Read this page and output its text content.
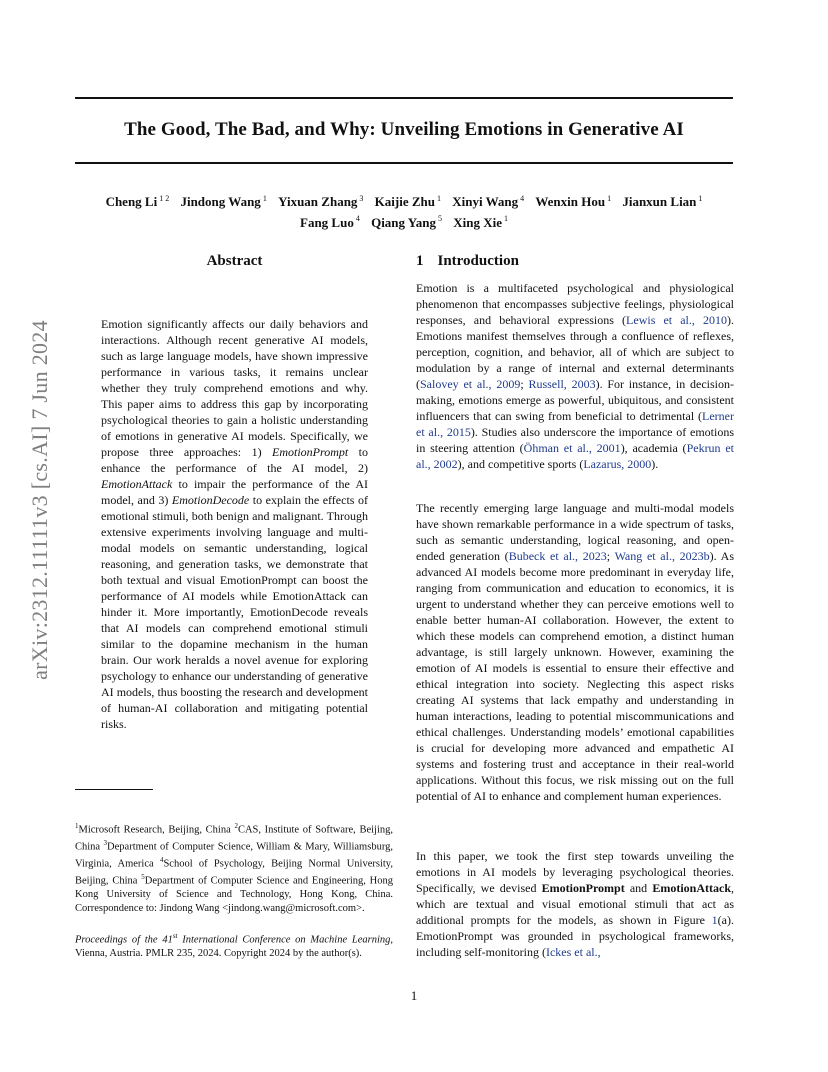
arXiv:2312.11111v3 [cs.AI] 7 Jun 2024
The Good, The Bad, and Why: Unveiling Emotions in Generative AI
Cheng Li $^{1 2}$ Jindong Wang $^1$ Yixuan Zhang $^3$ Kaijie Zhu $^1$ Xinyi Wang $^4$ Wenxin Hou $^1$ Jianxun Lian $^1$
Fang Luo $^4$ Qiang Yang $^5$ Xing Xie $^1$
Abstract
Emotion significantly affects our daily behaviors and interactions. Although recent generative AI models, such as large language models, have shown impressive performance in various tasks, it remains unclear whether they truly comprehend emotions and why. This paper aims to address this gap by incorporating psychological theories to gain a holistic understanding of emotions in generative AI models. Specifically, we propose three approaches: 1) EmotionPrompt to enhance the performance of the AI model, 2) EmotionAttack to impair the performance of the AI model, and 3) EmotionDecode to explain the effects of emotional stimuli, both benign and malignant. Through extensive experiments involving language and multi-modal models on semantic understanding, logical reasoning, and generation tasks, we demonstrate that both textual and visual EmotionPrompt can boost the performance of AI models while EmotionAttack can hinder it. More importantly, EmotionDecode reveals that AI models can comprehend emotional stimuli similar to the dopamine mechanism in the human brain. Our work heralds a novel avenue for exploring psychology to enhance our understanding of generative AI models, thus boosting the research and development of human-AI collaboration and mitigating potential risks.
$^1$Microsoft Research, Beijing, China $^2$CAS, Institute of Software, Beijing, China $^3$Department of Computer Science, William & Mary, Williamsburg, Virginia, America $^4$School of Psychology, Beijing Normal University, Beijing, China $^5$Department of Computer Science and Engineering, Hong Kong University of Science and Technology, Hong Kong, China. Correspondence to: Jindong Wang <jindong.wang@microsoft.com>.
Proceedings of the 41st International Conference on Machine Learning, Vienna, Austria. PMLR 235, 2024. Copyright 2024 by the author(s).
1 Introduction
Emotion is a multifaceted psychological and physiological phenomenon that encompasses subjective feelings, physiological responses, and behavioral expressions (Lewis et al., 2010). Emotions manifest themselves through a confluence of reflexes, perception, cognition, and behavior, all of which are subject to modulation by a range of internal and external determinants (Salovey et al., 2009; Russell, 2003). For instance, in decision-making, emotions emerge as powerful, ubiquitous, and consistent influencers that can swing from beneficial to detrimental (Lerner et al., 2015). Studies also underscore the importance of emotions in steering attention (Öhman et al., 2001), academia (Pekrun et al., 2002), and competitive sports (Lazarus, 2000).
The recently emerging large language and multi-modal models have shown remarkable performance in a wide spectrum of tasks, such as semantic understanding, logical reasoning, and open-ended generation (Bubeck et al., 2023; Wang et al., 2023b). As advanced AI models become more predominant in everyday life, ranging from communication and education to economics, it is urgent to understand whether they can perceive emotions well to enable better human-AI collaboration. However, the extent to which these models can comprehend emotion, a distinct human advantage, is still largely unknown. However, examining the emotion of AI models is essential to ensure their effective and ethical integration into society. Neglecting this aspect risks creating AI systems that lack empathy and understanding in human interactions, leading to potential miscommunications and ethical challenges. Understanding models’ emotional capabilities is crucial for developing more advanced and empathetic AI systems and fostering trust and acceptance in their real-world applications. Without this focus, we risk missing out on the full potential of AI to enhance and complement human experiences.
In this paper, we took the first step towards unveiling the emotions in AI models by leveraging psychological theories. Specifically, we devised EmotionPrompt and EmotionAttack, which are textual and visual emotional stimuli that act as additional prompts for the models, as shown in Figure 1(a). EmotionPrompt was grounded in psychological frameworks, including self-monitoring (Ickes et al.,
1
